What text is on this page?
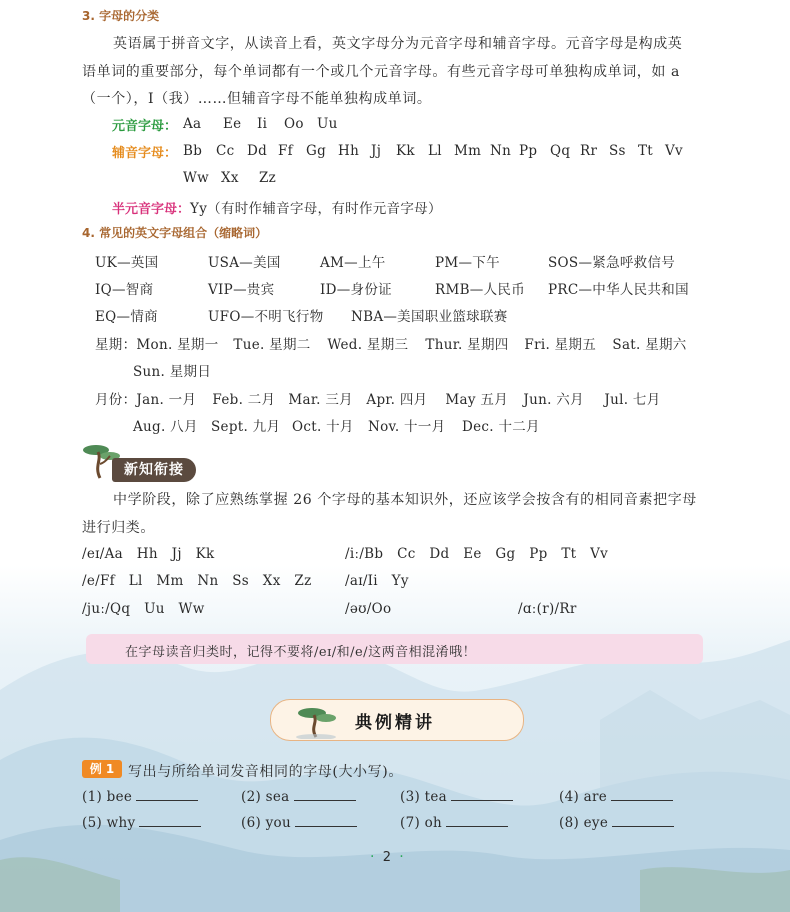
3. 字母的分类
英语属于拼音文字，从读音上看，英文字母分为元音字母和辅音字母。元音字母是构成英
语单词的重要部分，每个单词都有一个或几个元音字母。有些元音字母可单独构成单词，如 a
（一个），I（我）……但辅音字母不能单独构成单词。
元音字母： Aa Ee Ii Oo Uu
辅音字母： Bb Cc Dd Ff Gg Hh Jj Kk Ll Mm Nn Pp Qq Rr Ss Tt Vv
Ww Xx Zz
半元音字母：Yy（有时作辅音字母，有时作元音字母）
4. 常见的英文字母组合（缩略词）
UK—英国	USA—美国	AM—上午	PM—下午	SOS—紧急呼救信号
IQ—智商	VIP—贵宾	ID—身份证	RMB—人民币 PRC—中华人民共和国
EQ—情商	UFO—不明飞行物 NBA—美国职业篮球联赛
星期：Mon. 星期一 Tue. 星期二 Wed. 星期三 Thur. 星期四 Fri. 星期五 Sat. 星期六
Sun. 星期日
月份：Jan. 一月 Feb. 二月 Mar. 三月 Apr. 四月 May 五月 Jun. 六月 Jul. 七月
Aug. 八月 Sept. 九月 Oct. 十月 Nov. 十一月 Dec. 十二月
新知衔接
中学阶段，除了应熟练掌握 26 个字母的基本知识外，还应该学会按含有的相同音素把字母
进行归类。
/eɪ/Aa   Hh   Jj   Kk	/iː/Bb   Cc   Dd   Ee   Gg   Pp   Tt   Vv
/e/Ff   Ll   Mm   Nn   Ss   Xx   Zz /aɪ/Ii   Yy
/juː/Qq   Uu   Ww	/əʊ/Oo	/ɑː(r)/Rr
在字母读音归类时，记得不要将/eɪ/和/e/这两音相混淆哦！
典例精讲
例 1 写出与所给单词发音相同的字母(大小写)。
(1) bee	(2) sea	(3) tea	(4) are
(5) why	(6) you	(7) oh	(8) eye
· 2 ·
